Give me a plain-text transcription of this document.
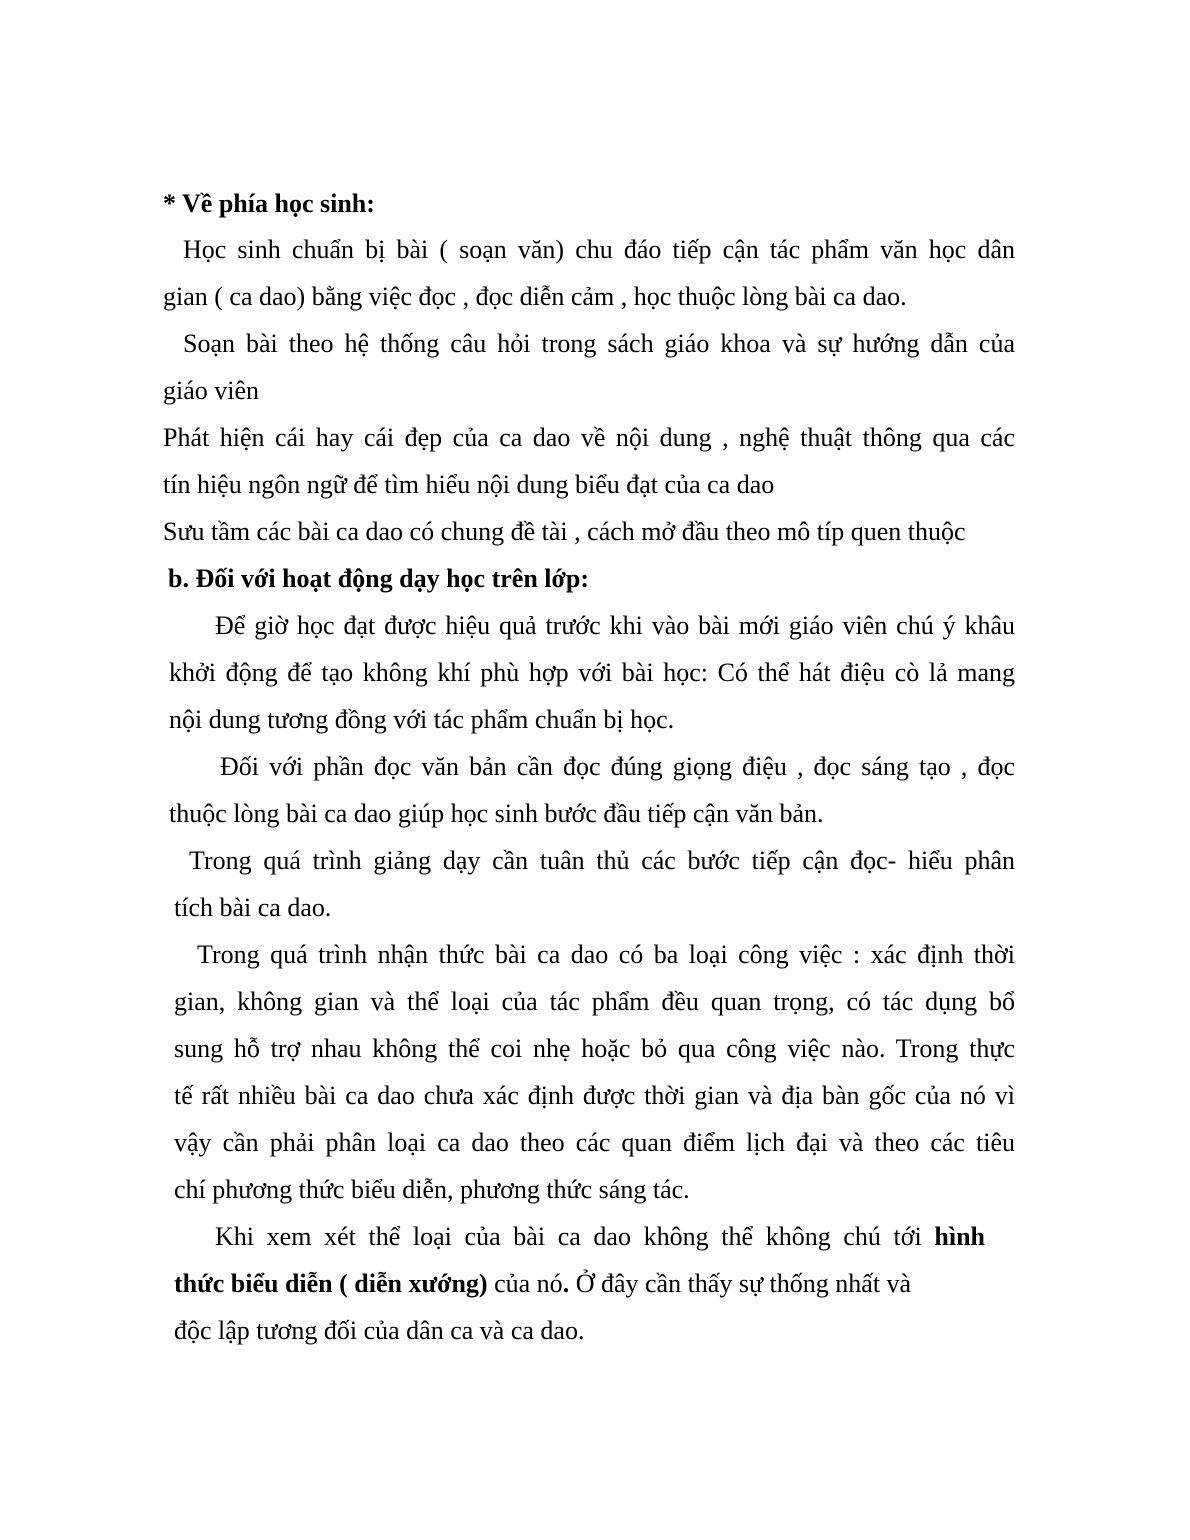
* Về phía học sinh:
Học sinh chuẩn bị bài ( soạn văn) chu đáo tiếp cận tác phẩm văn học dân
gian ( ca dao) bằng việc đọc , đọc diễn cảm , học thuộc lòng bài ca dao.
Soạn bài theo hệ thống câu hỏi trong sách giáo khoa và sự hướng dẫn của
giáo viên
Phát hiện cái hay cái đẹp của ca dao về nội dung , nghệ thuật thông qua các
tín hiệu ngôn ngữ để tìm hiểu nội dung biểu đạt của ca dao
Sưu tầm các bài ca dao có chung đề tài , cách mở đầu theo mô típ quen thuộc
b. Đối với hoạt động dạy học trên lớp:
Để giờ học đạt được hiệu quả trước khi vào bài mới giáo viên chú ý khâu
khởi động để tạo không khí phù hợp với bài học: Có thể hát điệu cò lả mang
nội dung tương đồng với tác phẩm chuẩn bị học.
Đối với phần đọc văn bản cần đọc đúng giọng điệu , đọc sáng tạo , đọc
thuộc lòng bài ca dao giúp học sinh bước đầu tiếp cận văn bản.
Trong quá trình giảng dạy cần tuân thủ các bước tiếp cận đọc- hiểu phân
tích bài ca dao.
Trong quá trình nhận thức bài ca dao có ba loại công việc : xác định thời
gian, không gian và thể loại của tác phẩm đều quan trọng, có tác dụng bổ
sung hỗ trợ nhau không thể coi nhẹ hoặc bỏ qua công việc nào. Trong thực
tế rất nhiều bài ca dao chưa xác định được thời gian và địa bàn gốc của nó vì
vậy cần phải phân loại ca dao theo các quan điểm lịch đại và theo các tiêu
chí phương thức biểu diễn, phương thức sáng tác.
Khi xem xét thể loại của bài ca dao không thể không chú tới hình
thức biểu diễn ( diễn xướng) của nó. Ở đây cần thấy sự thống nhất và
độc lập tương đối của dân ca và ca dao.
